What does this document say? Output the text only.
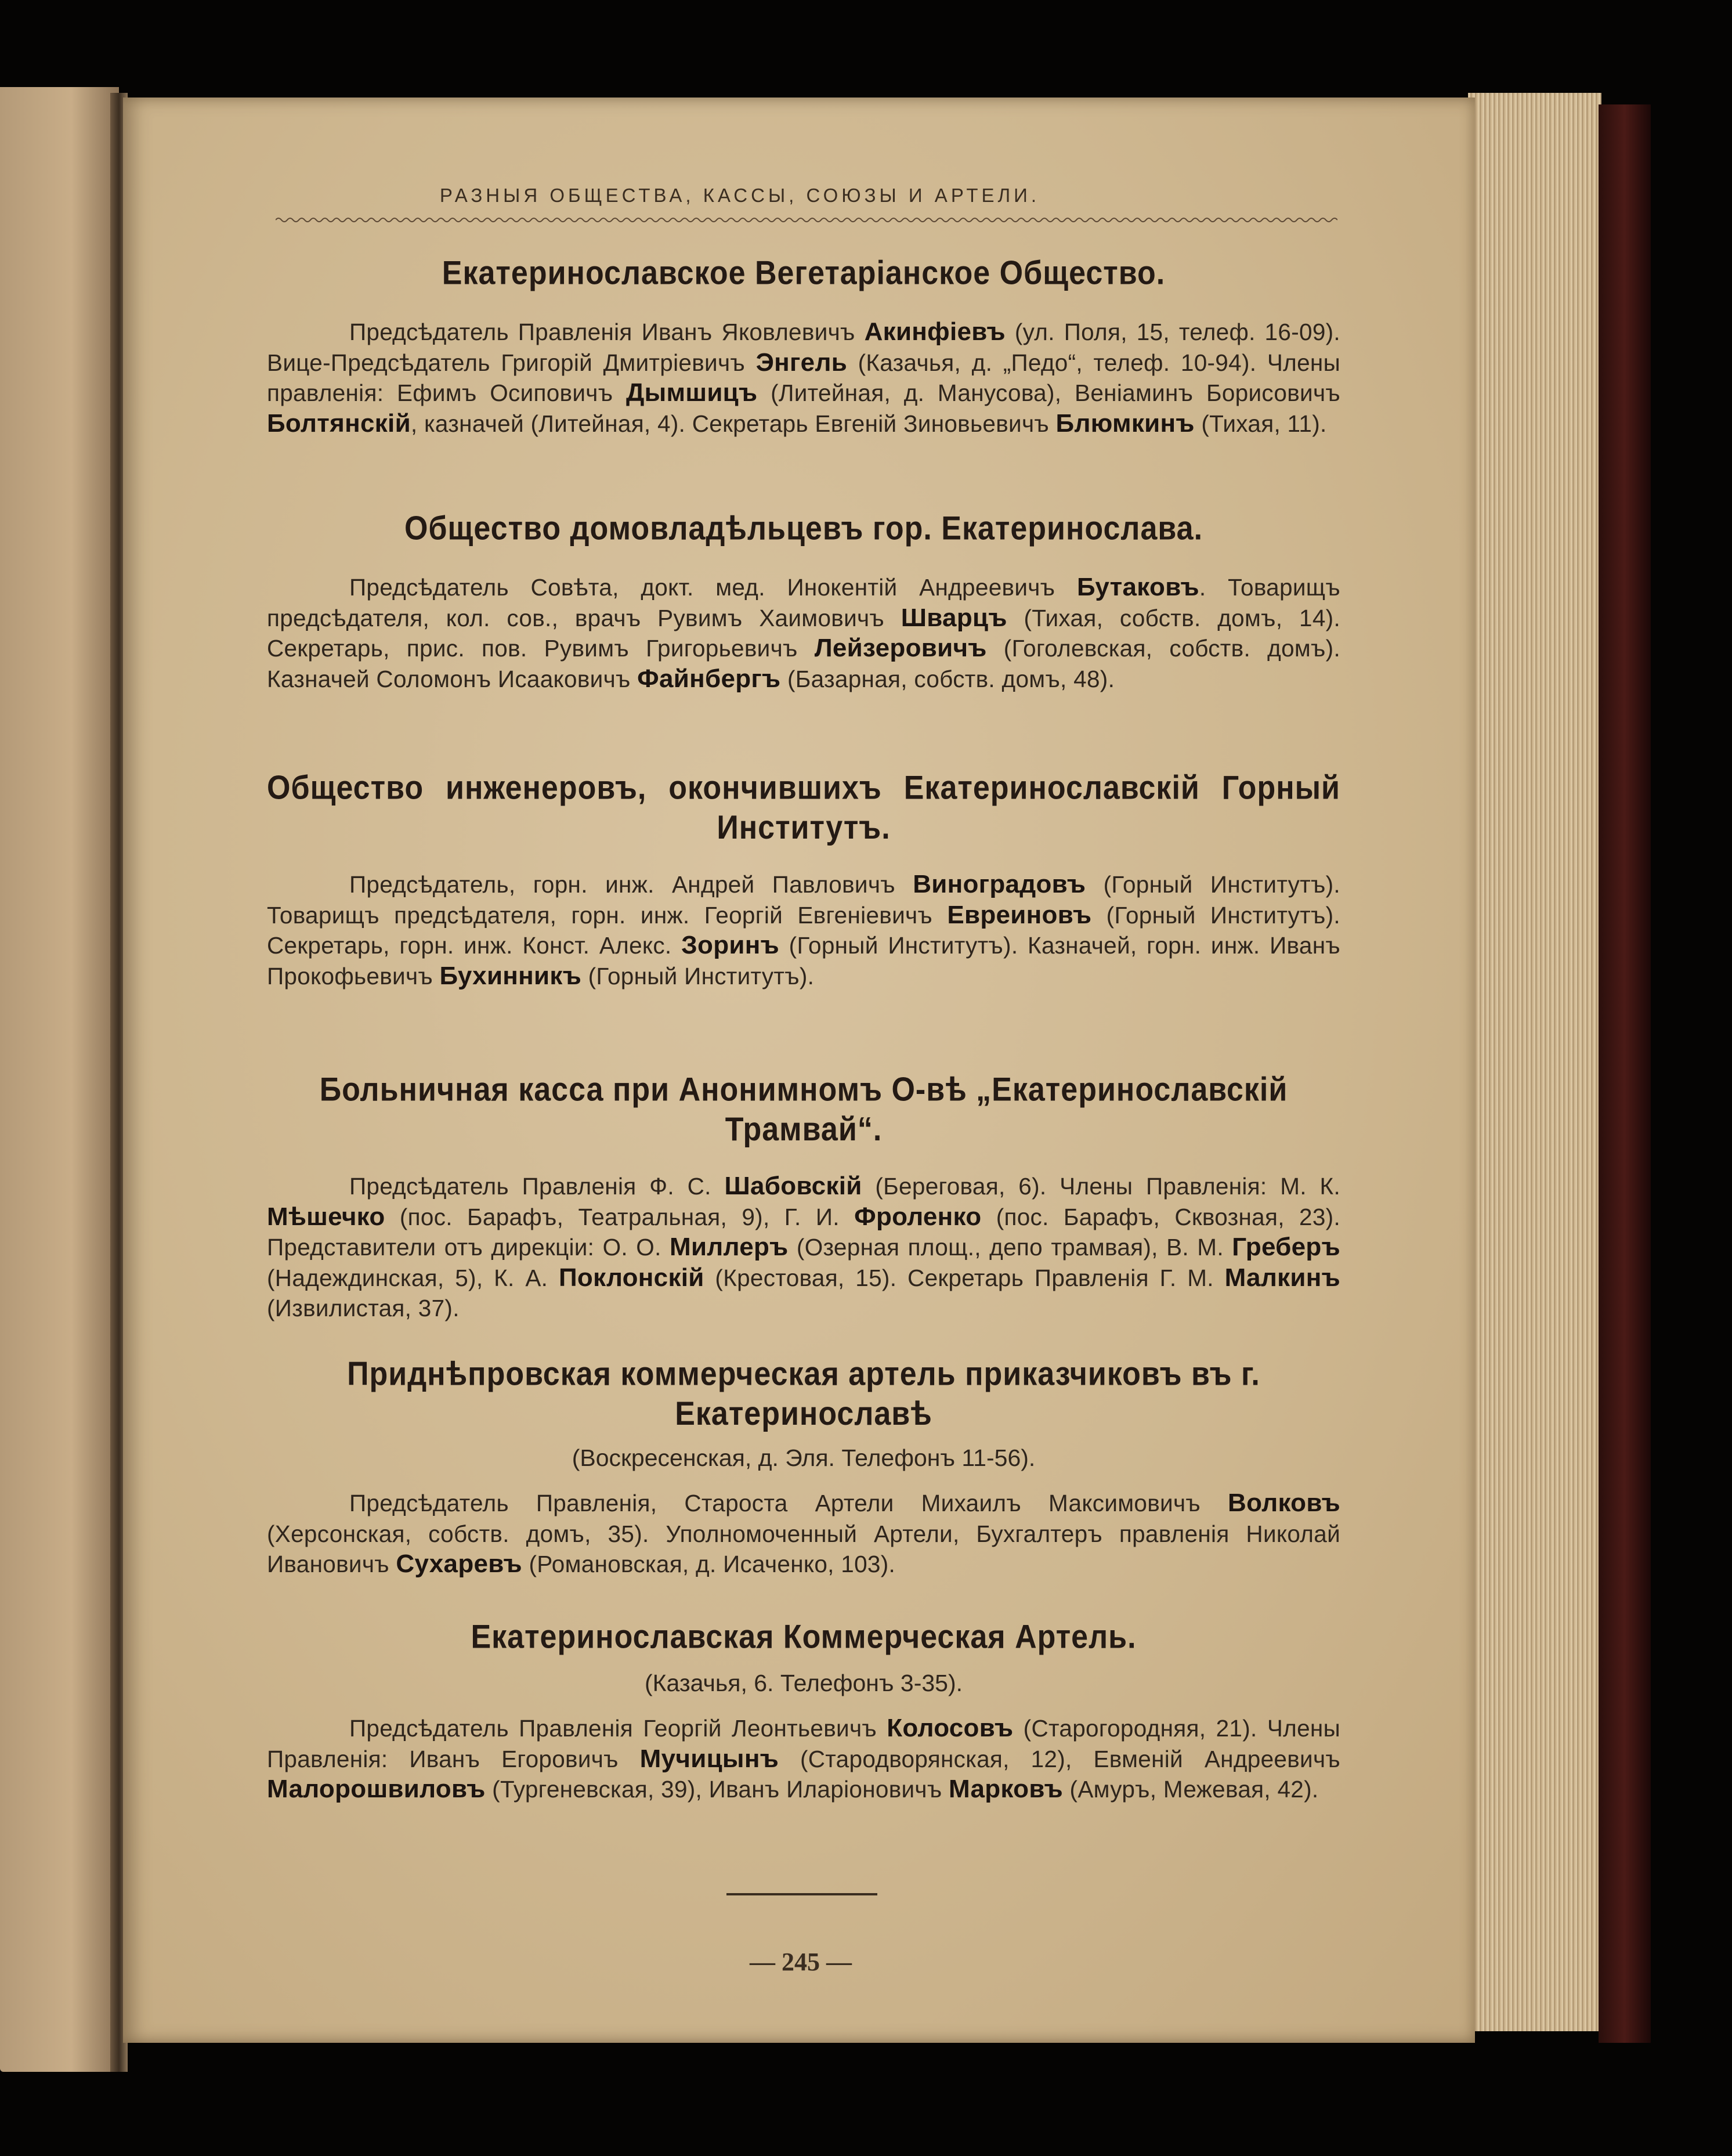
РАЗНЫЯ ОБЩЕСТВА, КАССЫ, СОЮЗЫ И АРТЕЛИ.
Екатеринославское Вегетаріанское Общество.

Предсѣдатель Правленія Иванъ Яковлевичъ Акинфіевъ (ул. Поля, 15, телеф. 16-09). Вице-Предсѣдатель Григорій Дмитріевичъ Энгель (Казачья, д. „Педо“, телеф. 10-94). Члены правленія: Ефимъ Осиповичъ Дымшицъ (Литейная, д. Манусова), Веніаминъ Борисовичъ Болтянскій, казначей (Литейная, 4). Секретарь Евгеній Зиновьевичъ Блюмкинъ (Тихая, 11).

Общество домовладѣльцевъ гор. Екатеринослава.

Предсѣдатель Совѣта, докт. мед. Инокентій Андреевичъ Бутаковъ. Товарищъ предсѣдателя, кол. сов., врачъ Рувимъ Хаимовичъ Шварцъ (Тихая, собств. домъ, 14). Секретарь, прис. пов. Рувимъ Григорьевичъ Лейзеровичъ (Гоголевская, собств. домъ). Казначей Соломонъ Исааковичъ Файнбергъ (Базарная, собств. домъ, 48).

Общество инженеровъ, окончившихъ Екатеринославскій Горный Институтъ.

Предсѣдатель, горн. инж. Андрей Павловичъ Виноградовъ (Горный Институтъ). Товарищъ предсѣдателя, горн. инж. Георгій Евгеніевичъ Евреиновъ (Горный Институтъ). Секретарь, горн. инж. Конст. Алекс. Зоринъ (Горный Институтъ). Казначей, горн. инж. Иванъ Прокофьевичъ Бухинникъ (Горный Институтъ).

Больничная касса при Анонимномъ О-вѣ „Екатеринославскій Трамвай“.

Предсѣдатель Правленія Ф. С. Шабовскій (Береговая, 6). Члены Правленія: М. К. Мѣшечко (пос. Барафъ, Театральная, 9), Г. И. Фроленко (пос. Барафъ, Сквозная, 23). Представители отъ дирекціи: О. О. Миллеръ (Озерная площ., депо трамвая), В. М. Греберъ (Надеждинская, 5), К. А. Поклонскій (Крестовая, 15). Секретарь Правленія Г. М. Малкинъ (Извилистая, 37).

Приднѣпровская коммерческая артель приказчиковъ въ г. Екатеринославѣ
(Воскресенская, д. Эля. Телефонъ 11-56).

Предсѣдатель Правленія, Староста Артели Михаилъ Максимовичъ Волковъ (Херсонская, собств. домъ, 35). Уполномоченный Артели, Бухгалтеръ правленія Николай Ивановичъ Сухаревъ (Романовская, д. Исаченко, 103).

Екатеринославская Коммерческая Артель.
(Казачья, 6. Телефонъ 3-35).

Предсѣдатель Правленія Георгій Леонтьевичъ Колосовъ (Старогородняя, 21). Члены Правленія: Иванъ Егоровичъ Мучицынъ (Стародворянская, 12), Евменій Андреевичъ Малорошвиловъ (Тургеневская, 39), Иванъ Иларіоновичъ Марковъ (Амуръ, Межевая, 42).

— 245 —
